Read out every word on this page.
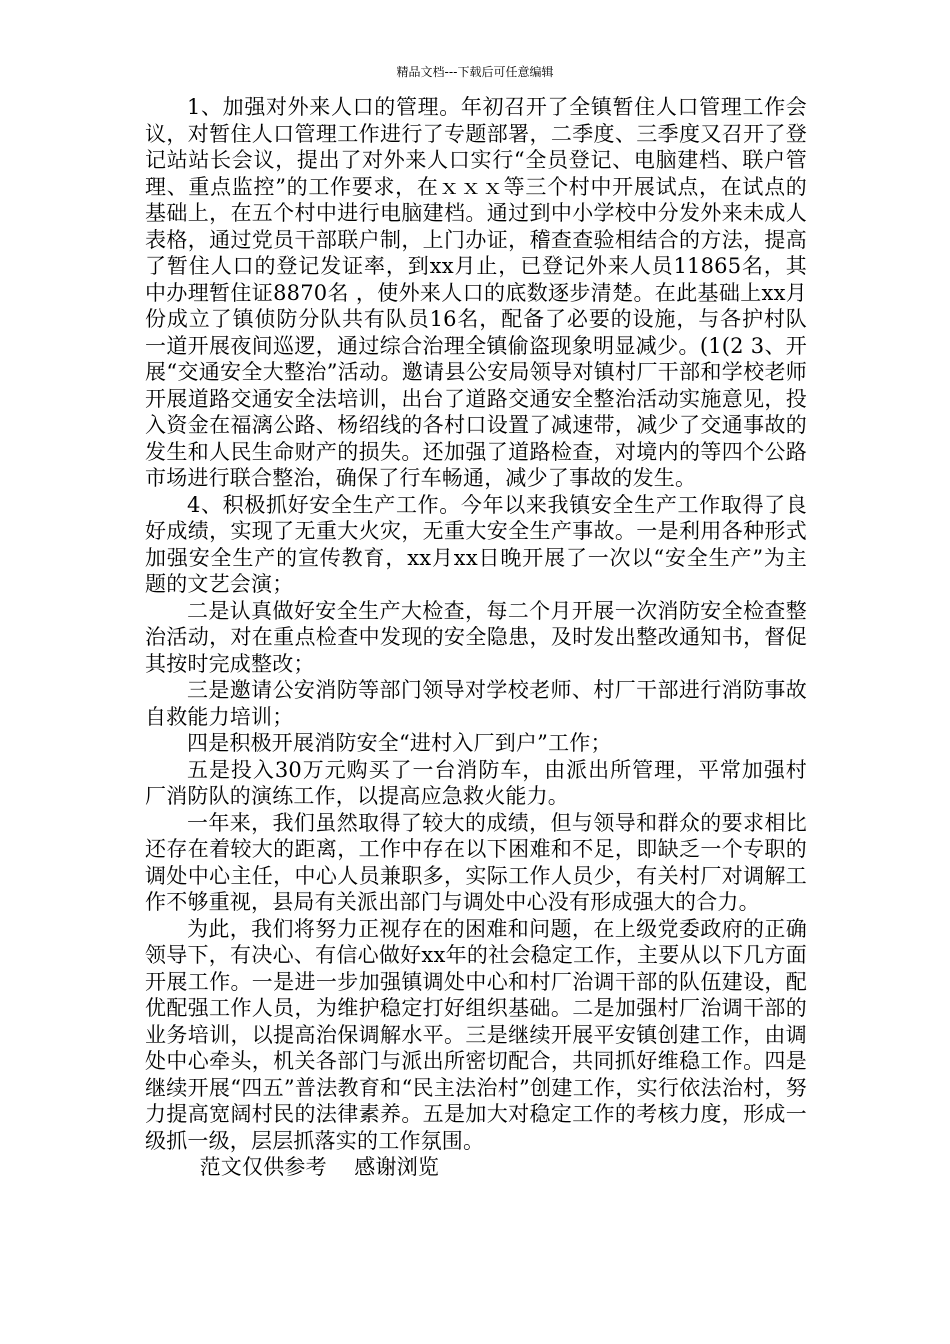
精品文档---下载后可任意编辑

1、加强对外来人口的管理。年初召开了全镇暂住人口管理工作会议，对暂住人口管理工作进行了专题部署，二季度、三季度又召开了登记站站长会议，提出了对外来人口实行“全员登记、电脑建档、联户管理、重点监控”的工作要求，在ｘｘｘ等三个村中开展试点，在试点的基础上，在五个村中进行电脑建档。通过到中小学校中分发外来未成人表格，通过党员干部联户制，上门办证，稽查查验相结合的方法，提高了暂住人口的登记发证率，到xx月止，已登记外来人员11865名，其中办理暂住证8870名 ，使外来人口的底数逐步清楚。在此基础上xx月份成立了镇侦防分队共有队员16名，配备了必要的设施，与各护村队一道开展夜间巡逻，通过综合治理全镇偷盗现象明显减少。(1(2 3、开展“交通安全大整治”活动。邀请县公安局领导对镇村厂干部和学校老师开展道路交通安全法培训，出台了道路交通安全整治活动实施意见，投入资金在福漓公路、杨绍线的各村口设置了减速带，减少了交通事故的发生和人民生命财产的损失。还加强了道路检查，对境内的等四个公路市场进行联合整治，确保了行车畅通，减少了事故的发生。

4、积极抓好安全生产工作。今年以来我镇安全生产工作取得了良好成绩，实现了无重大火灾，无重大安全生产事故。一是利用各种形式加强安全生产的宣传教育，xx月xx日晚开展了一次以“安全生产”为主题的文艺会演；

二是认真做好安全生产大检查，每二个月开展一次消防安全检查整治活动，对在重点检查中发现的安全隐患，及时发出整改通知书，督促其按时完成整改；

三是邀请公安消防等部门领导对学校老师、村厂干部进行消防事故自救能力培训；

四是积极开展消防安全“进村入厂到户”工作；

五是投入30万元购买了一台消防车，由派出所管理，平常加强村厂消防队的演练工作，以提高应急救火能力。

一年来，我们虽然取得了较大的成绩，但与领导和群众的要求相比还存在着较大的距离，工作中存在以下困难和不足，即缺乏一个专职的调处中心主任，中心人员兼职多，实际工作人员少，有关村厂对调解工作不够重视，县局有关派出部门与调处中心没有形成强大的合力。

为此，我们将努力正视存在的困难和问题，在上级党委政府的正确领导下，有决心、有信心做好xx年的社会稳定工作，主要从以下几方面开展工作。一是进一步加强镇调处中心和村厂治调干部的队伍建设，配优配强工作人员，为维护稳定打好组织基础。二是加强村厂治调干部的业务培训，以提高治保调解水平。三是继续开展平安镇创建工作，由调处中心牵头，机关各部门与派出所密切配合，共同抓好维稳工作。四是继续开展“四五”普法教育和“民主法治村”创建工作，实行依法治村，努力提高宽阔村民的法律素养。五是加大对稳定工作的考核力度，形成一级抓一级，层层抓落实的工作氛围。

范文仅供参考    感谢浏览
